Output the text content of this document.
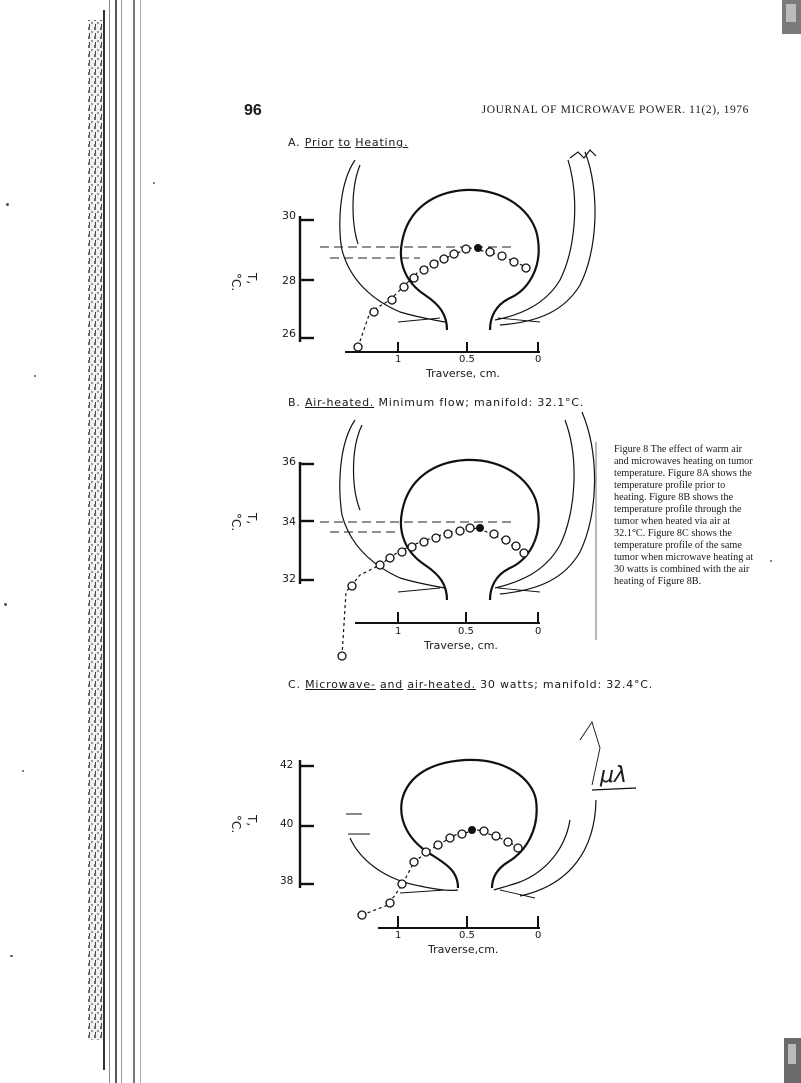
96	JOURNAL OF MICROWAVE POWER. 11(2), 1976
A. Prior to Heating.
B. Air-heated. Minimum flow; manifold: 32.1°C.
C. Microwave- and air-heated. 30 watts; manifold: 32.4°C.

Figure 8 The effect of warm air and microwaves heating on tumor temperature. Figure 8A shows the temperature profile prior to heating. Figure 8B shows the temperature profile through the tumor when heated via air at 32.1°C. Figure 8C shows the temperature profile of the same tumor when microwave heating at 30 watts is combined with the air heating of Figure 8B.

30
28
26
T,
°C.
1	0.5	0
Traverse, cm.
36
34
32
T,
°C.
1	0.5	0
Traverse, cm.
42
40
38
T,
°C.
1	0.5	0
Traverse,cm.
μλ
